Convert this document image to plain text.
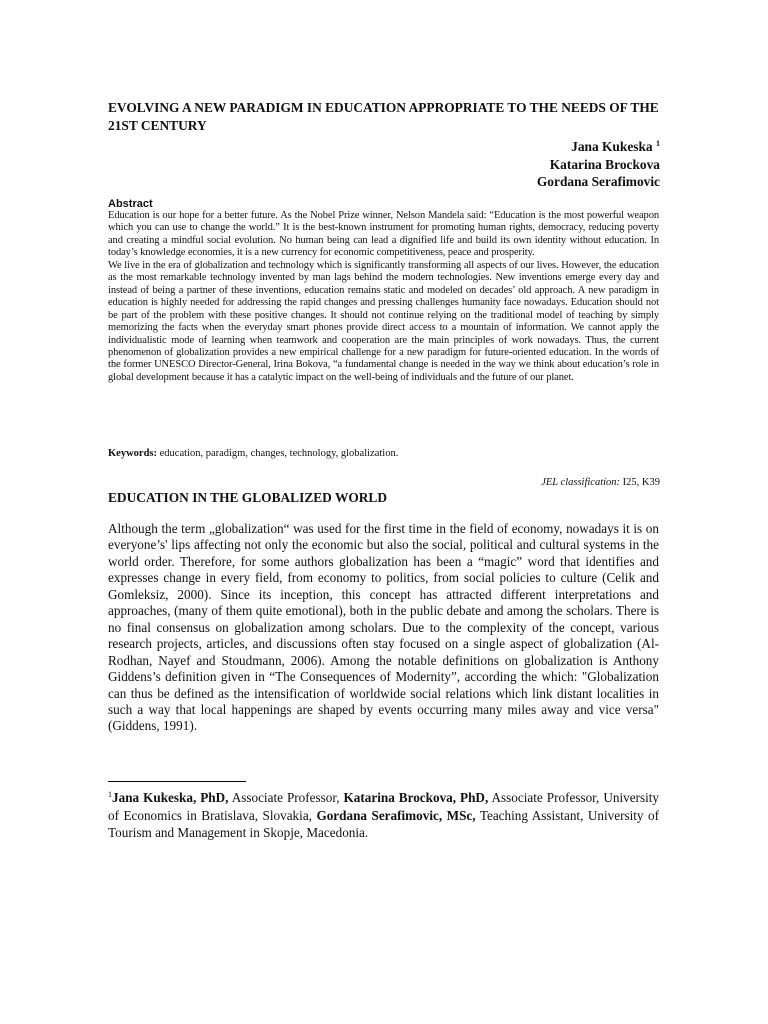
EVOLVING A NEW PARADIGM IN EDUCATION APPROPRIATE TO THE NEEDS OF THE 21ST CENTURY
Jana Kukeska $^1$
Katarina Brockova
Gordana Serafimovic
Abstract

Education is our hope for a better future. As the Nobel Prize winner, Nelson Mandela said: “Education is the most powerful weapon which you can use to change the world.” It is the best-known instrument for promoting human rights, democracy, reducing poverty and creating a mindful social evolution. No human being can lead a dignified life and build its own identity without education. In today’s knowledge economies, it is a new currency for economic competitiveness, peace and prosperity.

We live in the era of globalization and technology which is significantly transforming all aspects of our lives. However, the education as the most remarkable technology invented by man lags behind the modern technologies. New inventions emerge every day and instead of being a partner of these inventions, education remains static and modeled on decades’ old approach. A new paradigm in education is highly needed for addressing the rapid changes and pressing challenges humanity face nowadays. Education should not be part of the problem with these positive changes. It should not continue relying on the traditional model of teaching by simply memorizing the facts when the everyday smart phones provide direct access to a mountain of information. We cannot apply the individualistic mode of learning when teamwork and cooperation are the main principles of work nowadays. Thus, the current phenomenon of globalization provides a new empirical challenge for a new paradigm for future-oriented education. In the words of the former UNESCO Director-General, Irina Bokova, “a fundamental change is needed in the way we think about education’s role in global development because it has a catalytic impact on the well-being of individuals and the future of our planet.

Keywords: education, paradigm, changes, technology, globalization.
JEL classification: I25, K39
EDUCATION IN THE GLOBALIZED WORLD

Although the term „globalization“ was used for the first time in the field of economy, nowadays it is on everyone’s' lips affecting not only the economic but also the social, political and cultural systems in the world order. Therefore, for some authors globalization has been a “magic” word that identifies and expresses change in every field, from economy to politics, from social policies to culture (Celik and Gomleksiz, 2000). Since its inception, this concept has attracted different interpretations and approaches, (many of them quite emotional), both in the public debate and among the scholars. There is no final consensus on globalization among scholars. Due to the complexity of the concept, various research projects, articles, and discussions often stay focused on a single aspect of globalization (Al-Rodhan, Nayef and Stoudmann, 2006). Among the notable definitions on globalization is Anthony Giddens’s definition given in “The Consequences of Modernity”, according the which: "Globalization can thus be defined as the intensification of worldwide social relations which link distant localities in such a way that local happenings are shaped by events occurring many miles away and vice versa"(Giddens, 1991).

$^1$Jana Kukeska, PhD, Associate Professor, Katarina Brockova, PhD, Associate Professor, University of Economics in Bratislava, Slovakia, Gordana Serafimovic, MSc, Teaching Assistant, University of Tourism and Management in Skopje, Macedonia.
